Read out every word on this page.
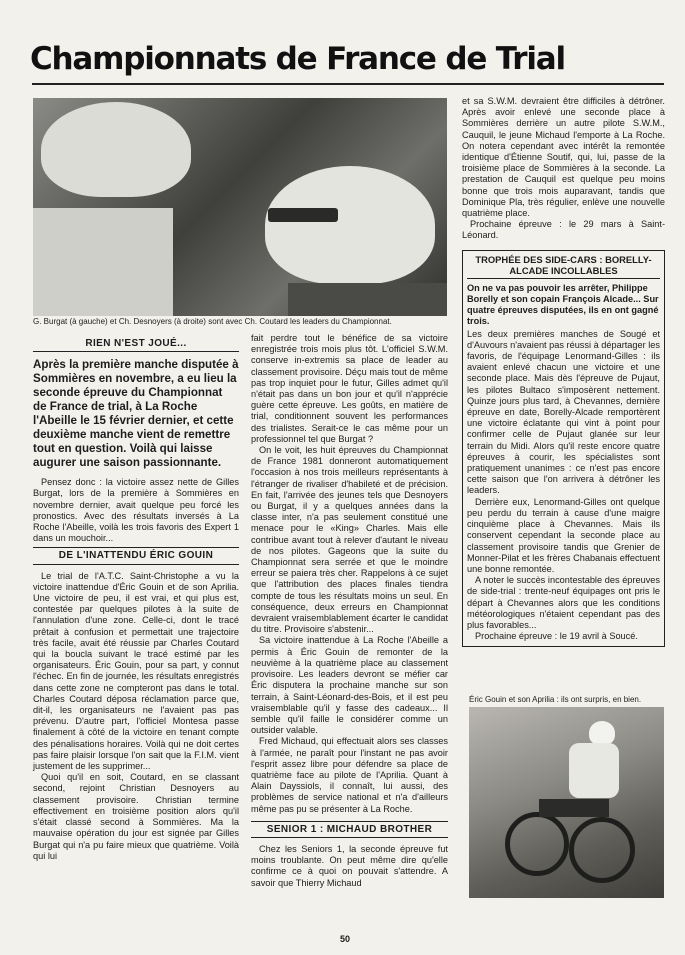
Championnats de France de Trial
G. Burgat (à gauche) et Ch. Desnoyers (à droite) sont avec Ch. Coutard les leaders du Championnat.
RIEN N'EST JOUÉ...
Après la première manche disputée à Sommières en novembre, a eu lieu la seconde épreuve du Championnat de France de trial, à La Roche l'Abeille le 15 février dernier, et cette deuxième manche vient de remettre tout en question. Voilà qui laisse augurer une saison passionnante.

Pensez donc : la victoire assez nette de Gilles Burgat, lors de la première à Sommières en novembre dernier, avait quelque peu forcé les pronostics. Avec des résultats inversés à La Roche l'Abeille, voilà les trois favoris des Expert 1 dans un mouchoir...

DE L'INATTENDU ÉRIC GOUIN

Le trial de l'A.T.C. Saint-Christophe a vu la victoire inattendue d'Éric Gouin et de son Aprilia. Une victoire de peu, il est vrai, et qui plus est, contestée par quelques pilotes à la suite de l'annulation d'une zone. Celle-ci, dont le tracé prêtait à confusion et permettait une trajectoire très facile, avait été réussie par Charles Coutard qui la boucla suivant le tracé estimé par les organisateurs. Éric Gouin, pour sa part, y connut l'échec. En fin de journée, les résultats enregistrés dans cette zone ne compteront pas dans le total. Charles Coutard déposa réclamation parce que, dit-il, les organisateurs ne l'avaient pas pas prévenu. D'autre part, l'officiel Montesa passe finalement à côté de la victoire en tenant compte des pénalisations horaires. Voilà qui ne doit certes pas faire plaisir lorsque l'on sait que la F.I.M. vient justement de les supprimer...

Quoi qu'il en soit, Coutard, en se classant second, rejoint Christian Desnoyers au classement provisoire. Christian termine effectivement en troisième position alors qu'il s'était classé second à Sommières. Ma la mauvaise opération du jour est signée par Gilles Burgat qui n'a pu faire mieux que quatrième. Voilà qui lui

fait perdre tout le bénéfice de sa victoire enregistrée trois mois plus tôt. L'officiel S.W.M. conserve in-extremis sa place de leader au classement provisoire. Déçu mais tout de même pas trop inquiet pour le futur, Gilles admet qu'il n'était pas dans un bon jour et qu'il n'apprécie guère cette épreuve. Les goûts, en matière de trial, conditionnent souvent les performances des trialistes. Serait-ce le cas même pour un professionnel tel que Burgat ?

On le voit, les huit épreuves du Championnat de France 1981 donneront automatiquement l'occasion à nos trois meilleurs représentants à l'étranger de rivaliser d'habileté et de précision. En fait, l'arrivée des jeunes tels que Desnoyers ou Burgat, il y a quelques années dans la classe inter, n'a pas seulement constitué une menace pour le «King» Charles. Mais elle contribue avant tout à relever d'autant le niveau de nos pilotes. Gageons que la suite du Championnat sera serrée et que le moindre erreur se paiera très cher. Rappelons à ce sujet que l'attribution des places finales tiendra compte de tous les résultats moins un seul. En conséquence, deux erreurs en Championnat devraient vraisemblablement écarter le candidat du titre. Provisoire s'abstenir...

Sa victoire inattendue à La Roche l'Abeille a permis à Éric Gouin de remonter de la neuvième à la quatrième place au classement provisoire. Les leaders devront se méfier car Éric disputera la prochaine manche sur son terrain, à Saint-Léonard-des-Bois, et il est peu vraisemblable qu'il y fasse des cadeaux... Il semble qu'il faille le considérer comme un outsider valable.

Fred Michaud, qui effectuait alors ses classes à l'armée, ne paraît pour l'instant ne pas avoir l'esprit assez libre pour défendre sa place de quatrième face au pilote de l'Aprilia. Quant à Alain Dayssiols, il connaît, lui aussi, des problèmes de service national et n'a d'ailleurs même pas pu se présenter à La Roche.

SENIOR 1 : MICHAUD BROTHER

Chez les Seniors 1, la seconde épreuve fut moins troublante. On peut même dire qu'elle confirme ce à quoi on pouvait s'attendre. A savoir que Thierry Michaud

et sa S.W.M. devraient être difficiles à détrôner. Après avoir enlevé une seconde place à Sommières derrière un autre pilote S.W.M., Cauquil, le jeune Michaud l'emporte à La Roche. On notera cependant avec intérêt la remontée identique d'Étienne Soutif, qui, lui, passe de la troisième place de Sommières à la seconde. La prestation de Cauquil est quelque peu moins bonne que trois mois auparavant, tandis que Dominique Pla, très régulier, enlève une nouvelle quatrième place.

Prochaine épreuve : le 29 mars à Saint-Léonard.

TROPHÉE DES SIDE-CARS : BORELLY-ALCADE INCOLLABLES
On ne va pas pouvoir les arrêter, Philippe Borelly et son copain François Alcade... Sur quatre épreuves disputées, ils en ont gagné trois.

Les deux premières manches de Sougé et d'Auvours n'avaient pas réussi à départager les favoris, de l'équipage Lenormand-Gilles : ils avaient enlevé chacun une victoire et une seconde place. Mais dès l'épreuve de Pujaut, les pilotes Bultaco s'imposèrent nettement. Quinze jours plus tard, à Chevannes, dernière épreuve en date, Borelly-Alcade remportèrent une victoire éclatante qui vint à point pour confirmer celle de Pujaut glanée sur leur terrain du Midi. Alors qu'il reste encore quatre épreuves à courir, les spécialistes sont pratiquement unanimes : ce n'est pas encore cette saison que l'on arrivera à détrôner les leaders.

Derrière eux, Lenormand-Gilles ont quelque peu perdu du terrain à cause d'une maigre cinquième place à Chevannes. Mais ils conservent cependant la seconde place au classement provisoire tandis que Grenier de Monner-Pilat et les frères Chabanais effectuent une bonne remontée.

A noter le succès incontestable des épreuves de side-trial : trente-neuf équipages ont pris le départ à Chevannes alors que les conditions météorologiques n'étaient cependant pas des plus favorables...

Prochaine épreuve : le 19 avril à Soucé.

Éric Gouin et son Aprilia : ils ont surpris, en bien.
50
